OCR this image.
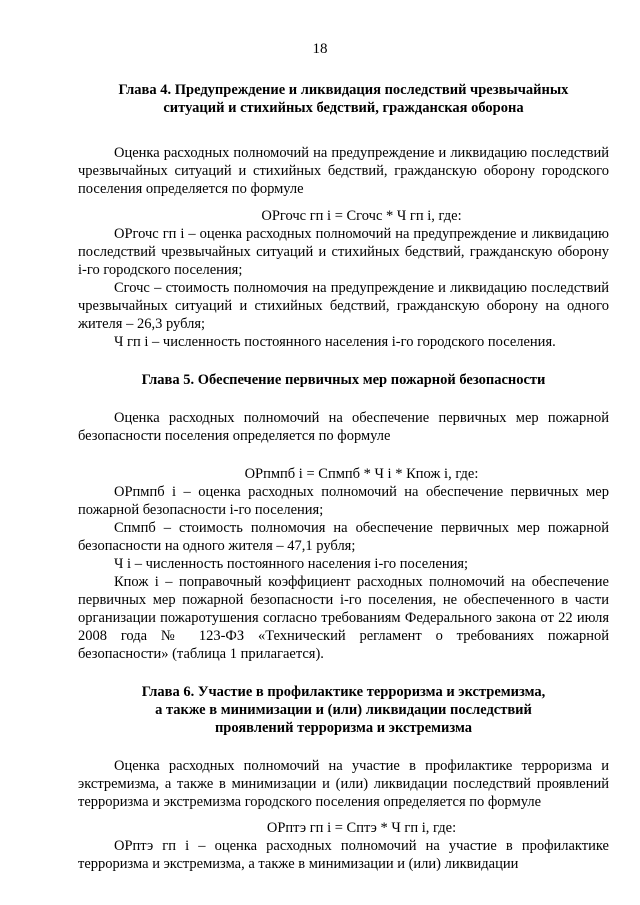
18

Глава 4. Предупреждение и ликвидация последствий чрезвычайных ситуаций и стихийных бедствий, гражданская оборона

Оценка расходных полномочий на предупреждение и ликвидацию последствий чрезвычайных ситуаций и стихийных бедствий, гражданскую оборону городского поселения определяется по формуле

ОРгочс гп i = Сгочс * Ч гп i, где:

ОРгочс гп i – оценка расходных полномочий на предупреждение и ликвидацию последствий чрезвычайных ситуаций и стихийных бедствий, гражданскую оборону i-го городского поселения;

Сгочс – стоимость полномочия на предупреждение и ликвидацию последствий чрезвычайных ситуаций и стихийных бедствий, гражданскую оборону на одного жителя – 26,3 рубля;

Ч гп i – численность постоянного населения i-го городского поселения.

Глава 5. Обеспечение первичных мер пожарной безопасности

Оценка расходных полномочий на обеспечение первичных мер пожарной безопасности поселения определяется по формуле

ОРпмпб i = Спмпб * Ч i * Кпож i, где:

ОРпмпб i – оценка расходных полномочий на обеспечение первичных мер пожарной безопасности i-го поселения;

Спмпб – стоимость полномочия на обеспечение первичных мер пожарной безопасности на одного жителя – 47,1 рубля;

Ч i – численность постоянного населения i-го поселения;

Кпож i – поправочный коэффициент расходных полномочий на обеспечение первичных мер пожарной безопасности i-го поселения, не обеспеченного в части организации пожаротушения согласно требованиям Федерального закона от 22 июля 2008 года № 123-ФЗ «Технический регламент о требованиях пожарной безопасности» (таблица 1 прилагается).

Глава 6. Участие в профилактике терроризма и экстремизма,

а также в минимизации и (или) ликвидации последствий

проявлений терроризма и экстремизма

Оценка расходных полномочий на участие в профилактике терроризма и экстремизма, а также в минимизации и (или) ликвидации последствий проявлений терроризма и экстремизма городского поселения определяется по формуле

ОРптэ гп i = Сптэ * Ч гп i, где:

ОРптэ гп i – оценка расходных полномочий на участие в профилактике терроризма и экстремизма, а также в минимизации и (или) ликвидации
